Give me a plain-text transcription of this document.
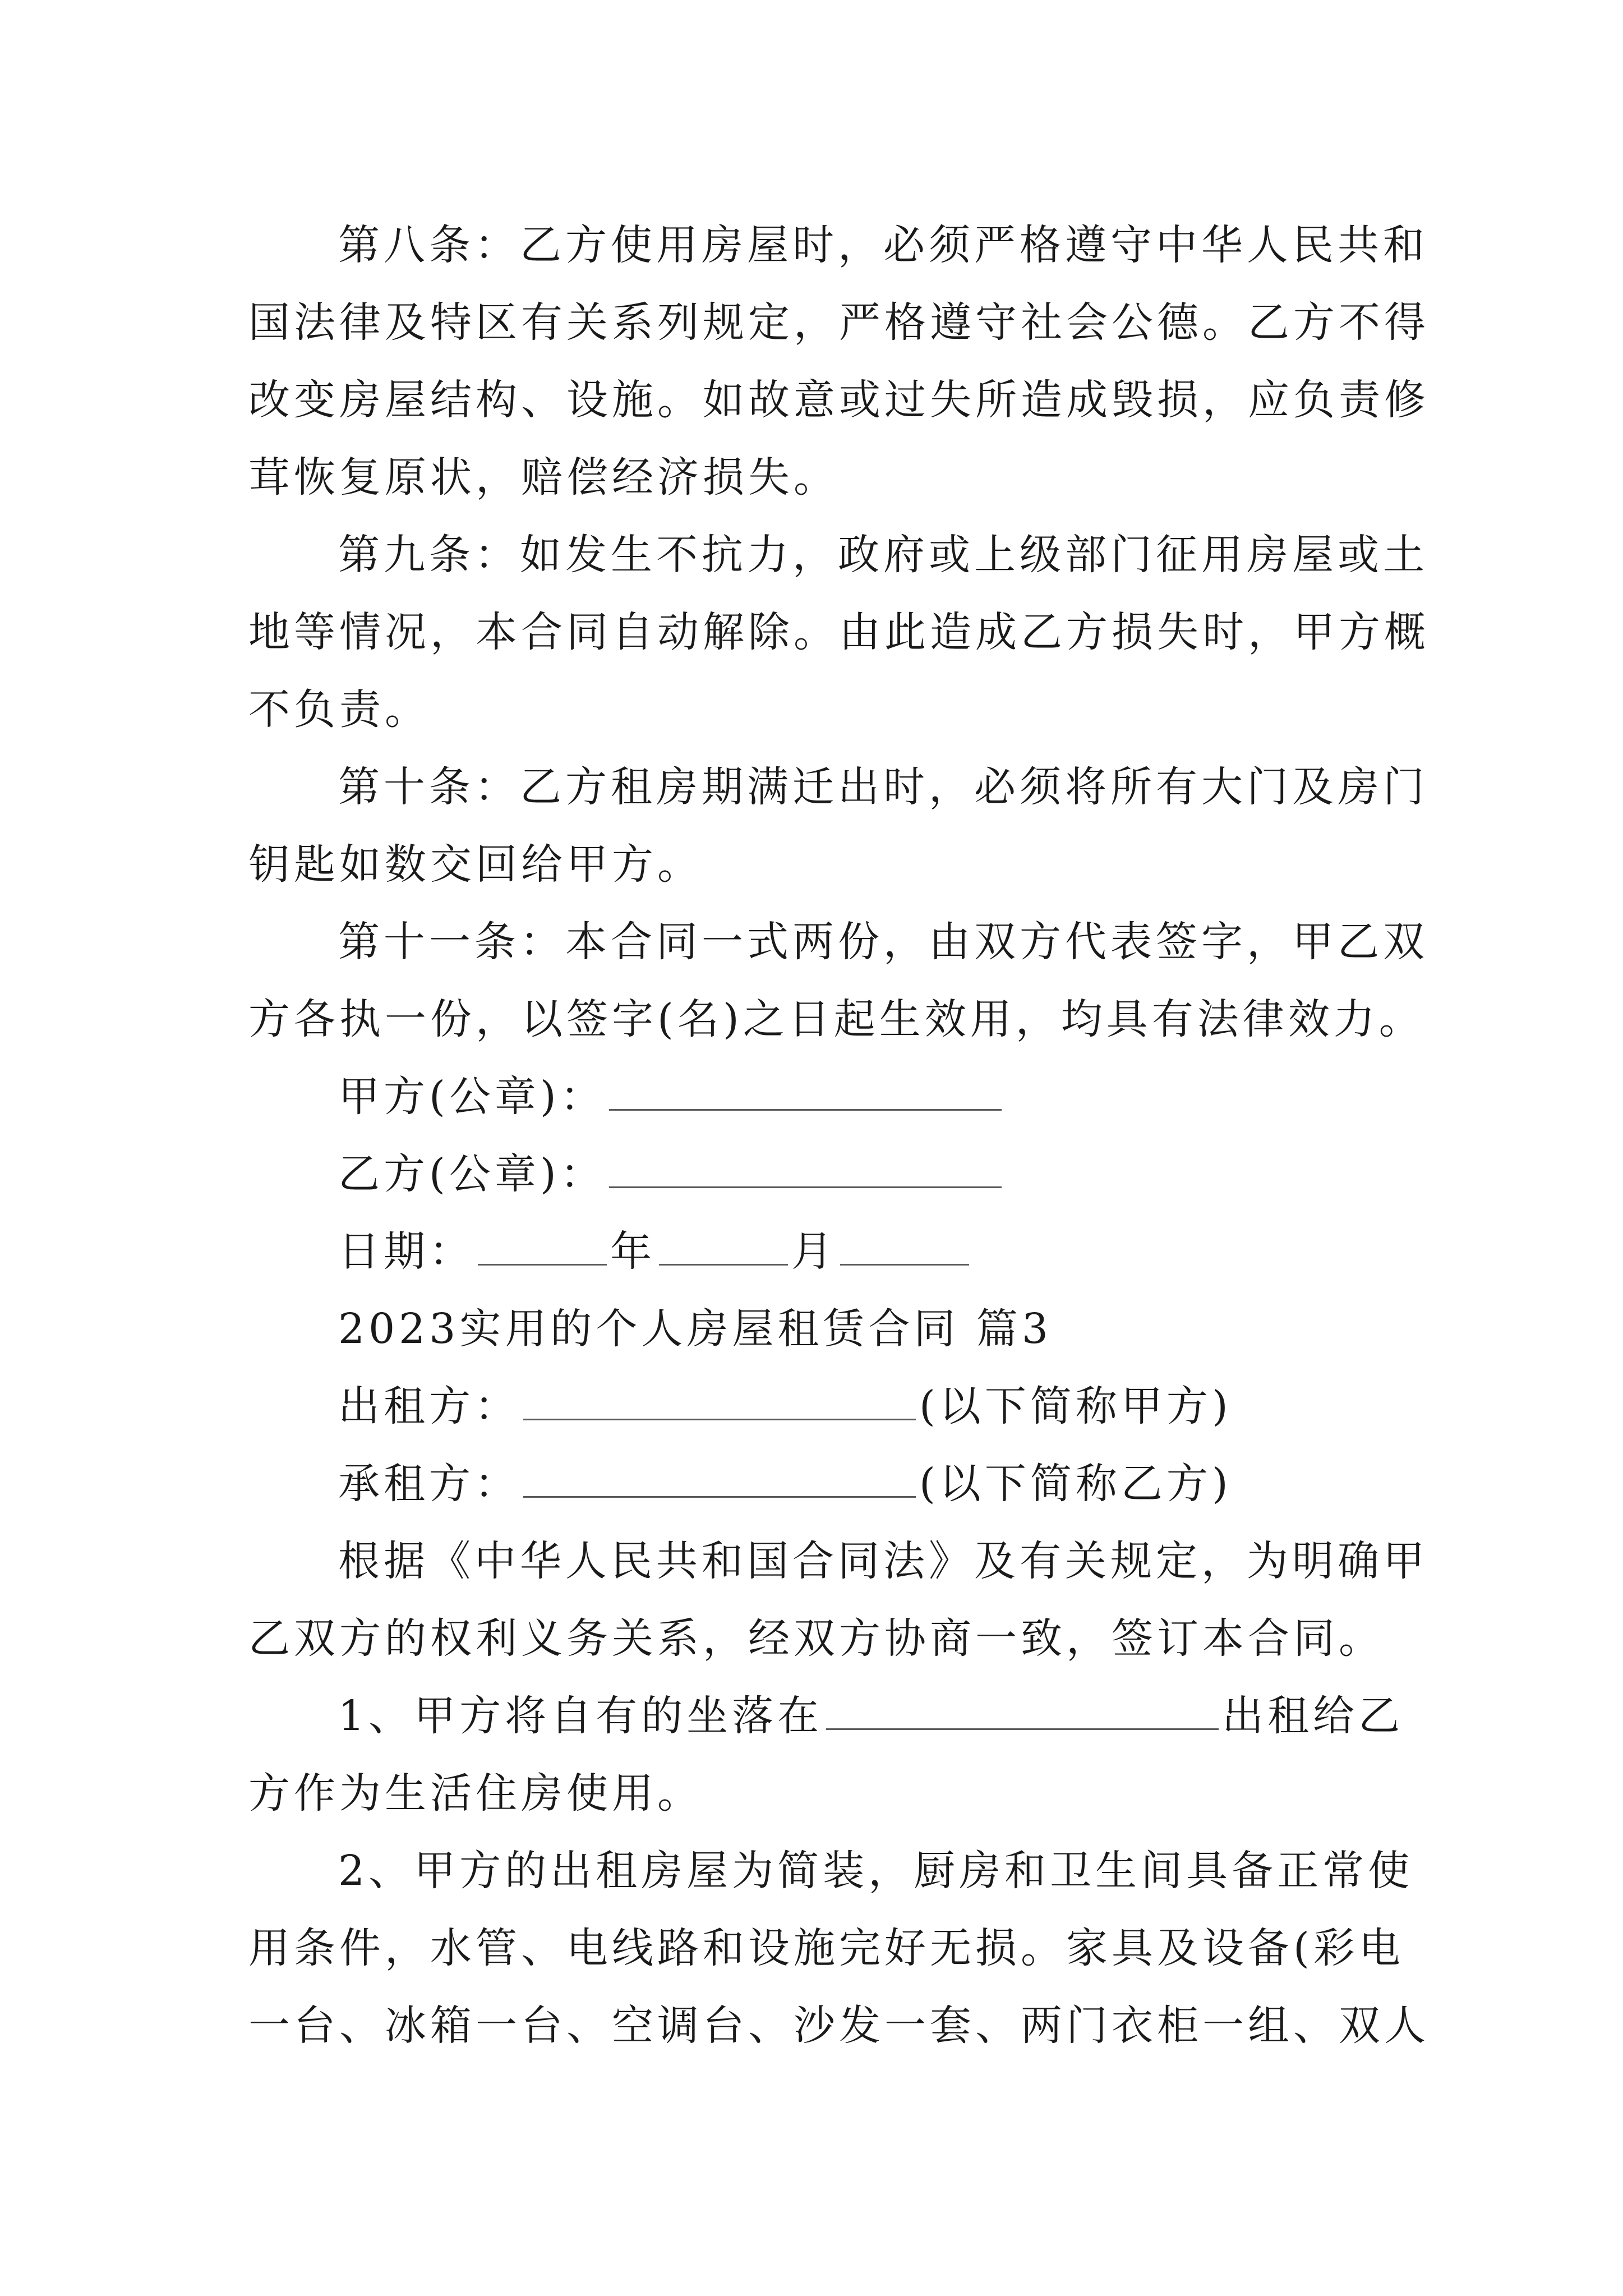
第八条：乙方使用房屋时，必须严格遵守中华人民共和
国法律及特区有关系列规定，严格遵守社会公德。乙方不得
改变房屋结构、设施。如故意或过失所造成毁损，应负责修
茸恢复原状，赔偿经济损失。
第九条：如发生不抗力，政府或上级部门征用房屋或土
地等情况，本合同自动解除。由此造成乙方损失时，甲方概
不负责。
第十条：乙方租房期满迁出时，必须将所有大门及房门
钥匙如数交回给甲方。
第十一条：本合同一式两份，由双方代表签字，甲乙双
方各执一份，以签字(名)之日起生效用，均具有法律效力。
甲方(公章)：
乙方(公章)：
日期：	年	月
2023实用的个人房屋租赁合同 篇3
出租方：	(以下简称甲方)
承租方：	(以下简称乙方)
根据《中华人民共和国合同法》及有关规定，为明确甲
乙双方的权利义务关系，经双方协商一致，签订本合同。
1、甲方将自有的坐落在	出租给乙
方作为生活住房使用。
2、甲方的出租房屋为简装，厨房和卫生间具备正常使
用条件，水管、电线路和设施完好无损。家具及设备(彩电
一台、冰箱一台、空调台、沙发一套、两门衣柜一组、双人
